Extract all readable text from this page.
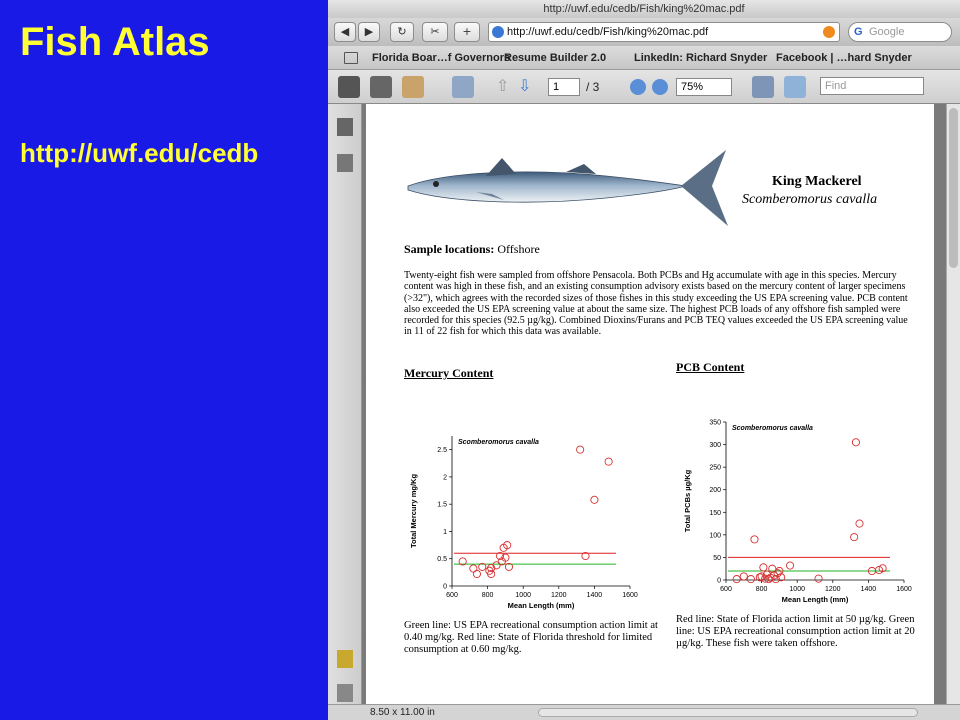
Fish Atlas
http://uwf.edu/cedb
http://uwf.edu/cedb/Fish/king%20mac.pdf
◀	▶	↻	✂	+	http://uwf.edu/cedb/Fish/king%20mac.pdf	G Google
Florida Boar…f Governors
Resume Builder 2.0	LinkedIn: Richard Snyder Facebook | …hard Snyder
⇧ ⇩	1	/ 3	75%	Find
King Mackerel
Scomberomorus cavalla
Sample locations: Offshore
Twenty-eight fish were sampled from offshore Pensacola. Both PCBs and Hg accumulate with age in this species. Mercury content was high in these fish, and an existing consumption advisory exists based on the mercury content of larger specimens (>32"), which agrees with the recorded sizes of those fishes in this study exceeding the US EPA screening value. PCB content also exceeded the US EPA screening value at about the same size. The highest PCB loads of any offshore fish sampled were recorded for this species (92.5 µg/kg). Combined Dioxins/Furans and PCB TEQ values exceeded the US EPA screening value in 11 of 22 fish for which this data was available.
Mercury Content	PCB Content
600	800	1000	1200	1400	1600
0
0.5
1
1.5
2
2.5
Scomberomorus cavalla
Mean Length (mm)
Total Mercury mg/Kg
600	800	1000	1200	1400	1600
0
50
100
150
200
250
300
350
Scomberomorus cavalla
Mean Length (mm)
Total PCBs µg/Kg
Green line: US EPA recreational consumption action limit at 0.40 mg/kg. Red line: State of Florida threshold for limited consumption at 0.60 mg/kg.
Red line: State of Florida action limit at 50 µg/kg. Green line: US EPA recreational consumption action limit at 20 µg/kg. These fish were taken offshore.
8.50 x 11.00 in
